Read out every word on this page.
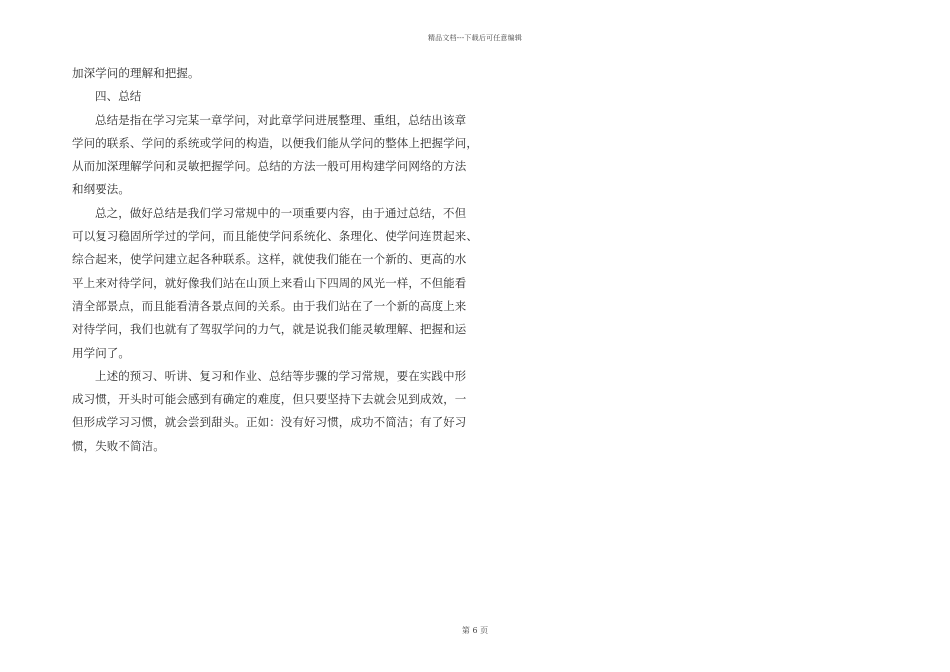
精品文档---下载后可任意编辑
加深学问的理解和把握。
四、总结
总结是指在学习完某一章学问，对此章学问进展整理、重组，总结出该章
学问的联系、学问的系统或学问的构造，以便我们能从学问的整体上把握学问，
从而加深理解学问和灵敏把握学问。总结的方法一般可用构建学问网络的方法
和纲要法。
总之，做好总结是我们学习常规中的一项重要内容，由于通过总结，不但
可以复习稳固所学过的学问，而且能使学问系统化、条理化、使学问连贯起来、
综合起来，使学问建立起各种联系。这样，就使我们能在一个新的、更高的水
平上来对待学问，就好像我们站在山顶上来看山下四周的风光一样，不但能看
清全部景点，而且能看清各景点间的关系。由于我们站在了一个新的高度上来
对待学问，我们也就有了驾驭学问的力气，就是说我们能灵敏理解、把握和运
用学问了。
上述的预习、听讲、复习和作业、总结等步骤的学习常规，要在实践中形
成习惯，开头时可能会感到有确定的难度，但只要坚持下去就会见到成效，一
但形成学习习惯，就会尝到甜头。正如：没有好习惯，成功不简洁；有了好习
惯，失败不简洁。
第 6 页
